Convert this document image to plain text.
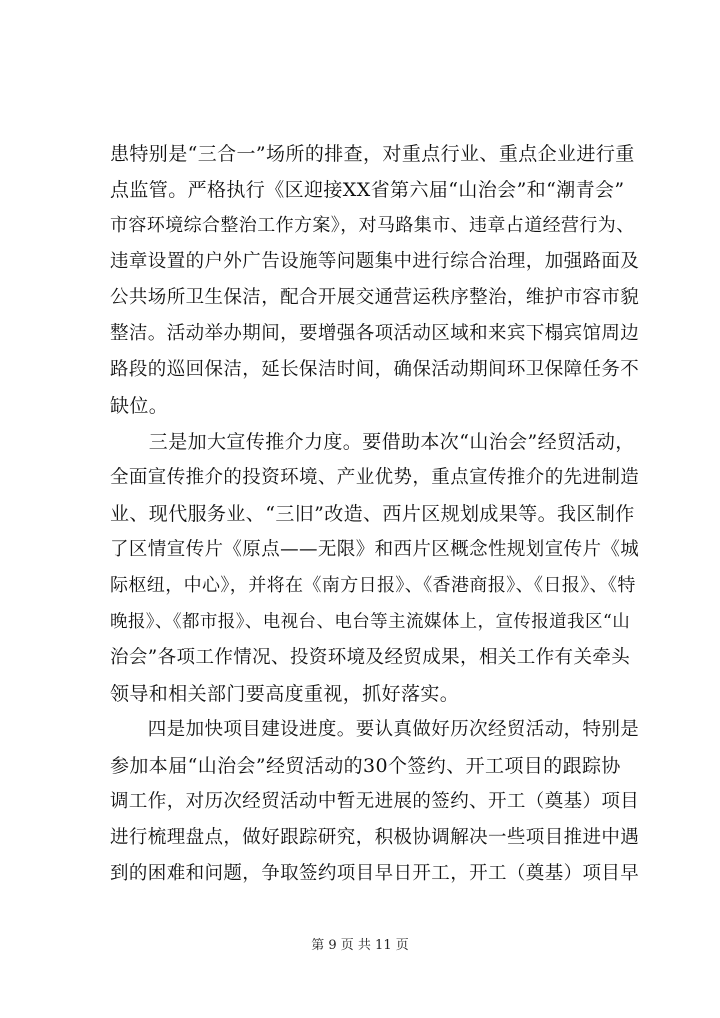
患特别是“三合一”场所的排查，对重点行业、重点企业进行重
点监管。严格执行《区迎接XX省第六届“山治会”和“潮青会”
市容环境综合整治工作方案》，对马路集市、违章占道经营行为、
违章设置的户外广告设施等问题集中进行综合治理，加强路面及
公共场所卫生保洁，配合开展交通营运秩序整治，维护市容市貌
整洁。活动举办期间，要增强各项活动区域和来宾下榻宾馆周边
路段的巡回保洁，延长保洁时间，确保活动期间环卫保障任务不
缺位。
　　三是加大宣传推介力度。要借助本次“山治会”经贸活动，
全面宣传推介的投资环境、产业优势，重点宣传推介的先进制造
业、现代服务业、“三旧”改造、西片区规划成果等。我区制作
了区情宣传片《原点——无限》和西片区概念性规划宣传片《城
际枢纽，中心》，并将在《南方日报》、《香港商报》、《日报》、《特
晚报》、《都市报》、电视台、电台等主流媒体上，宣传报道我区“山
治会”各项工作情况、投资环境及经贸成果，相关工作有关牵头
领导和相关部门要高度重视，抓好落实。
　　四是加快项目建设进度。要认真做好历次经贸活动，特别是
参加本届“山治会”经贸活动的30个签约、开工项目的跟踪协
调工作，对历次经贸活动中暂无进展的签约、开工（奠基）项目
进行梳理盘点，做好跟踪研究，积极协调解决一些项目推进中遇
到的困难和问题，争取签约项目早日开工，开工（奠基）项目早
第 9 页 共 11 页
